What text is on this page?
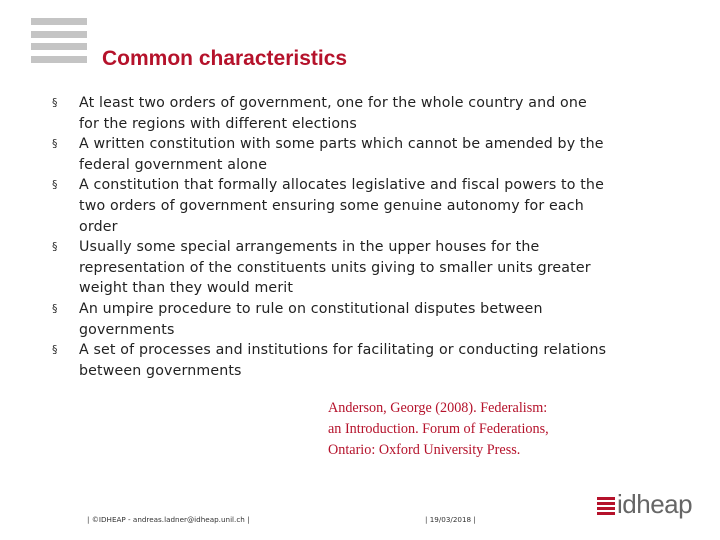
Common characteristics
§ At least two orders of government, one for the whole country and one
for the regions with different elections
§ A written constitution with some parts which cannot be amended by the
federal government alone
§ A constitution that formally allocates legislative and fiscal powers to the
two orders of government ensuring some genuine autonomy for each
order
§ Usually some special arrangements in the upper houses for the
representation of the constituents units giving to smaller units greater
weight than they would merit
§ An umpire procedure to rule on constitutional disputes between
governments
§ A set of processes and institutions for facilitating or conducting relations
between governments
Anderson, George (2008). Federalism:
an Introduction. Forum of Federations,
Ontario: Oxford University Press.
| ©IDHEAP - andreas.ladner@idheap.unil.ch |	| 19/03/2018 |
idheap
